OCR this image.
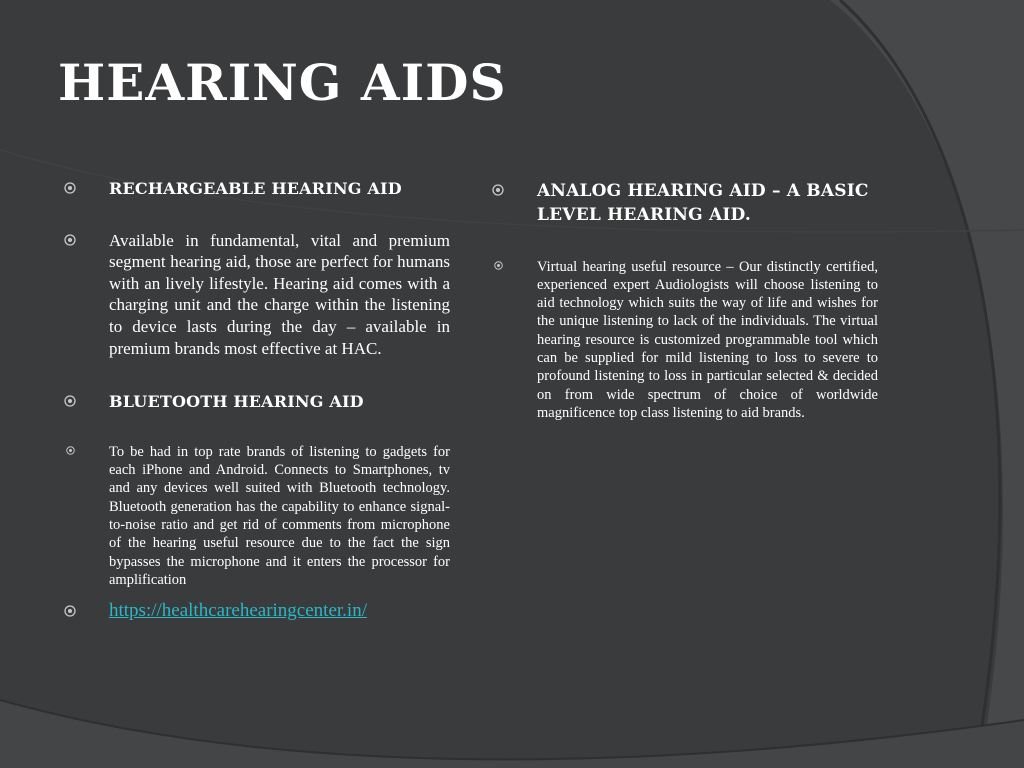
HEARING AIDS
RECHARGEABLE HEARING AID
Available in fundamental, vital and premium segment hearing aid, those are perfect for humans with an lively lifestyle. Hearing aid comes with a charging unit and the charge within the listening to device lasts during the day – available in premium brands most effective at HAC.
BLUETOOTH HEARING AID
To be had in top rate brands of listening to gadgets for each iPhone and Android. Connects to Smartphones, tv and any devices well suited with Bluetooth technology. Bluetooth generation has the capability to enhance signal-to-noise ratio and get rid of comments from microphone of the hearing useful resource due to the fact the sign bypasses the microphone and it enters the processor for amplification
https://healthcarehearingcenter.in/
ANALOG HEARING AID – A BASIC LEVEL HEARING AID.
Virtual hearing useful resource – Our distinctly certified, experienced expert Audiologists will choose listening to aid technology which suits the way of life and wishes for the unique listening to lack of the individuals. The virtual hearing resource is customized programmable tool which can be supplied for mild listening to loss to severe to profound listening to loss in particular selected & decided on from wide spectrum of choice of worldwide magnificence top class listening to aid brands.
